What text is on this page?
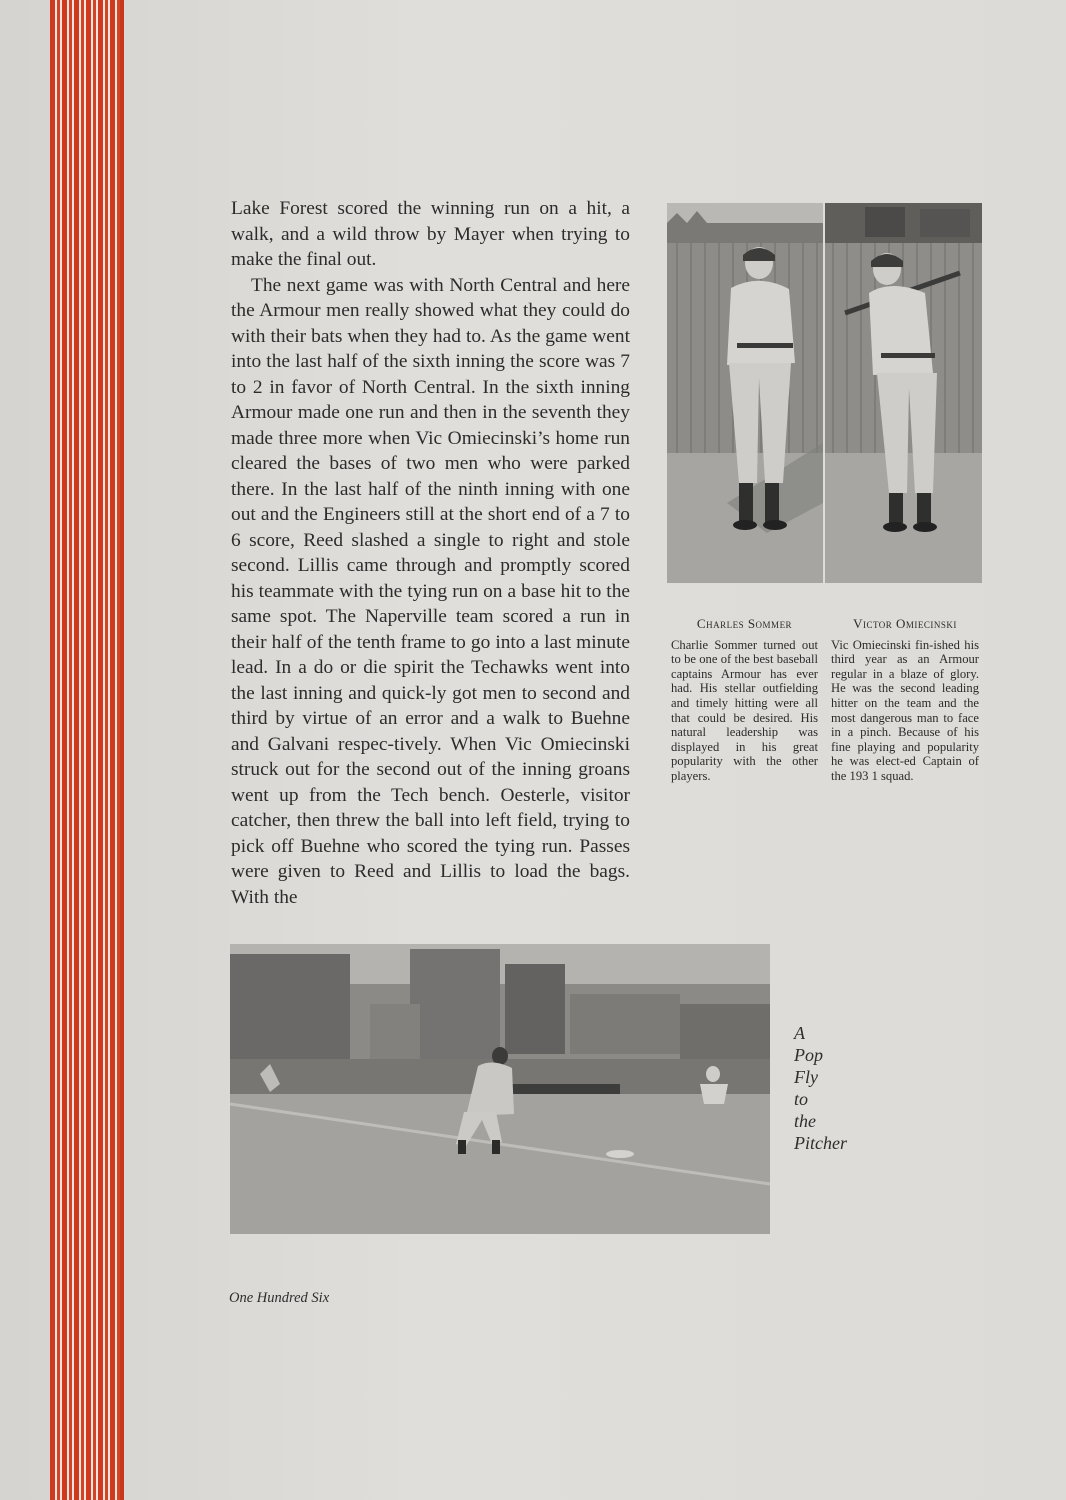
Lake Forest scored the winning run on a hit, a walk, and a wild throw by Mayer when trying to make the final out.

The next game was with North Central and here the Armour men really showed what they could do with their bats when they had to. As the game went into the last half of the sixth inning the score was 7 to 2 in favor of North Central. In the sixth inning Armour made one run and then in the seventh they made three more when Vic Omiecinski’s home run cleared the bases of two men who were parked there. In the last half of the ninth inning with one out and the Engineers still at the short end of a 7 to 6 score, Reed slashed a single to right and stole second. Lillis came through and promptly scored his teammate with the tying run on a base hit to the same spot. The Naperville team scored a run in their half of the tenth frame to go into a last minute lead. In a do or die spirit the Techawks went into the last inning and quick-ly got men to second and third by virtue of an error and a walk to Buehne and Galvani respec-tively. When Vic Omiecinski struck out for the second out of the inning groans went up from the Tech bench. Oesterle, visitor catcher, then threw the ball into left field, trying to pick off Buehne who scored the tying run. Passes were given to Reed and Lillis to load the bags. With the

Charles Sommer

Charlie Sommer turned out to be one of the best baseball captains Armour has ever had. His stellar outfielding and timely hitting were all that could be desired. His natural leadership was displayed in his great popularity with the other players.

Victor Omiecinski

Vic Omiecinski fin-ished his third year as an Armour regular in a blaze of glory. He was the second leading hitter on the team and the most dangerous man to face in a pinch. Because of his fine playing and popularity he was elect-ed Captain of the 193 1 squad.

A
Pop
Fly
to
the
Pitcher
One Hundred Six
